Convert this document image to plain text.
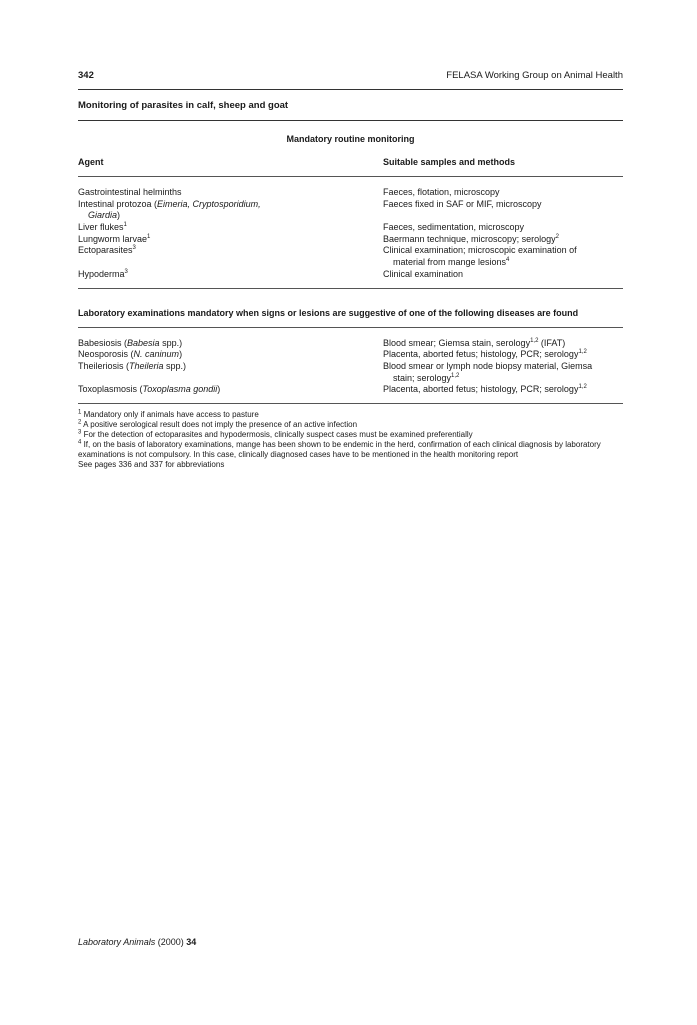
342	FELASA Working Group on Animal Health
Monitoring of parasites in calf, sheep and goat
Mandatory routine monitoring
Agent	Suitable samples and methods
Gastrointestinal helminths	Faeces, flotation, microscopy
Intestinal protozoa (Eimeria, Cryptosporidium,
Giardia)	Faeces fixed in SAF or MIF, microscopy
Liver flukes$^1$	Faeces, sedimentation, microscopy
Lungworm larvae$^1$	Baermann technique, microscopy; serology$^2$
Ectoparasites$^3$	Clinical examination; microscopic examination of
material from mange lesions$^4$
Hypoderma$^3$	Clinical examination
Laboratory examinations mandatory when signs or lesions are suggestive of one of the following diseases are found
Babesiosis (Babesia spp.)	Blood smear; Giemsa stain, serology$^{1,2}$ (IFAT)
Neosporosis (N. caninum)	Placenta, aborted fetus; histology, PCR; serology$^{1,2}$
Theileriosis (Theileria spp.)	Blood smear or lymph node biopsy material, Giemsa
stain; serology$^{1,2}$
Toxoplasmosis (Toxoplasma gondii)	Placenta, aborted fetus; histology, PCR; serology$^{1,2}$
$^1$ Mandatory only if animals have access to pasture
$^2$ A positive serological result does not imply the presence of an active infection
$^3$ For the detection of ectoparasites and hypodermosis, clinically suspect cases must be examined preferentially
$^4$ If, on the basis of laboratory examinations, mange has been shown to be endemic in the herd, confirmation of each clinical diagnosis by laboratory examinations is not compulsory. In this case, clinically diagnosed cases have to be mentioned in the health monitoring report
See pages 336 and 337 for abbreviations
Laboratory Animals (2000) 34
